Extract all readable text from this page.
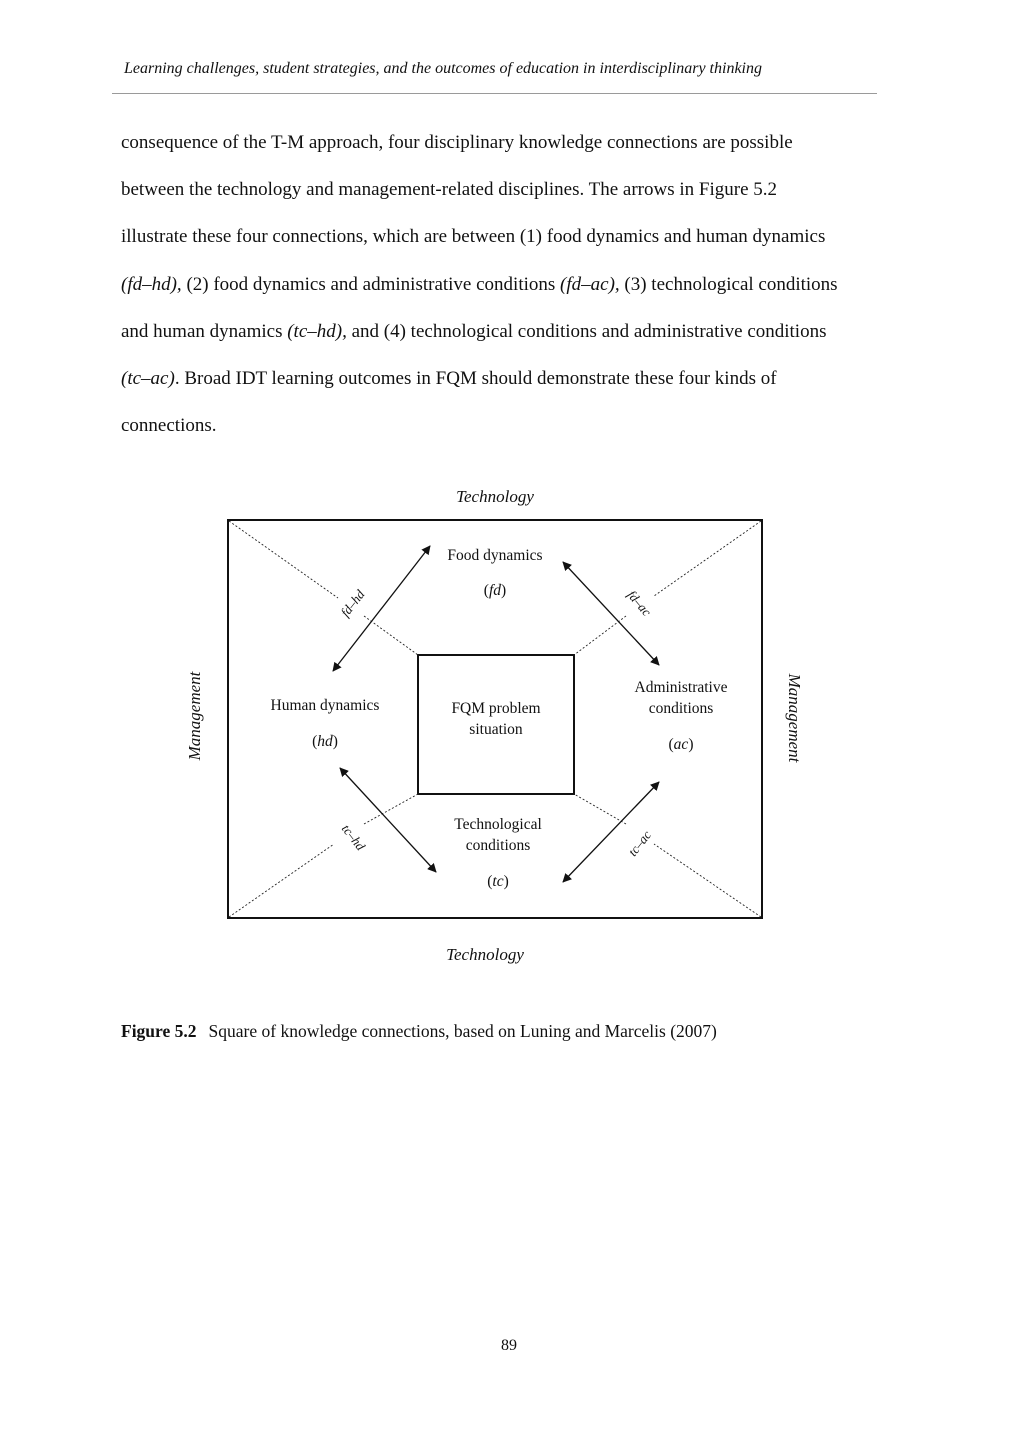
Learning challenges, student strategies, and the outcomes of education in interdisciplinary thinking
consequence of the T-M approach, four disciplinary knowledge connections are possible
between the technology and management-related disciplines. The arrows in Figure 5.2
illustrate these four connections, which are between (1) food dynamics and human dynamics
(fd–hd), (2) food dynamics and administrative conditions (fd–ac), (3) technological conditions
and human dynamics (tc–hd), and (4) technological conditions and administrative conditions
(tc–ac). Broad IDT learning outcomes in FQM should demonstrate these four kinds of
connections.
Technology
Technology
Management	Management
fd–hd	fd–ac
tc–hd	tc–ac
Food dynamics
(fd)
Human dynamics
(hd)
FQM problem
situation
Administrative
conditions
(ac)
Technological
conditions
(tc)
Figure 5.2 Square of knowledge connections, based on Luning and Marcelis (2007)
89
